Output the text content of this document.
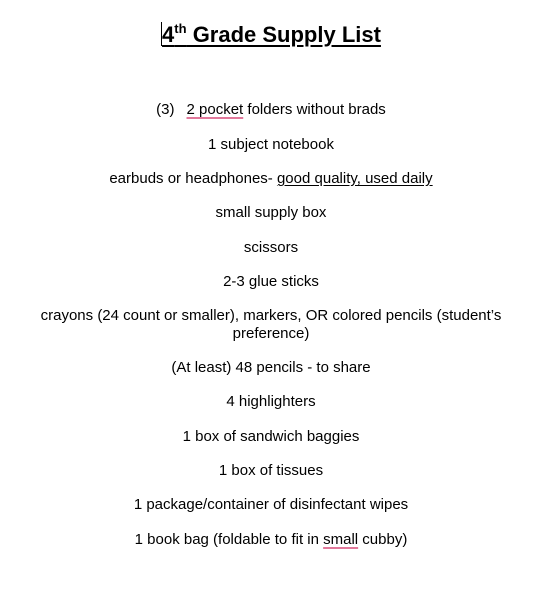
4th Grade Supply List
(3) 2 pocket folders without brads
1 subject notebook
earbuds or headphones- good quality, used daily
small supply box
scissors
2-3 glue sticks
crayons (24 count or smaller), markers, OR colored pencils (student’s preference)
(At least) 48 pencils - to share
4 highlighters
1 box of sandwich baggies
1 box of tissues
1 package/container of disinfectant wipes
1 book bag (foldable to fit in small cubby)
